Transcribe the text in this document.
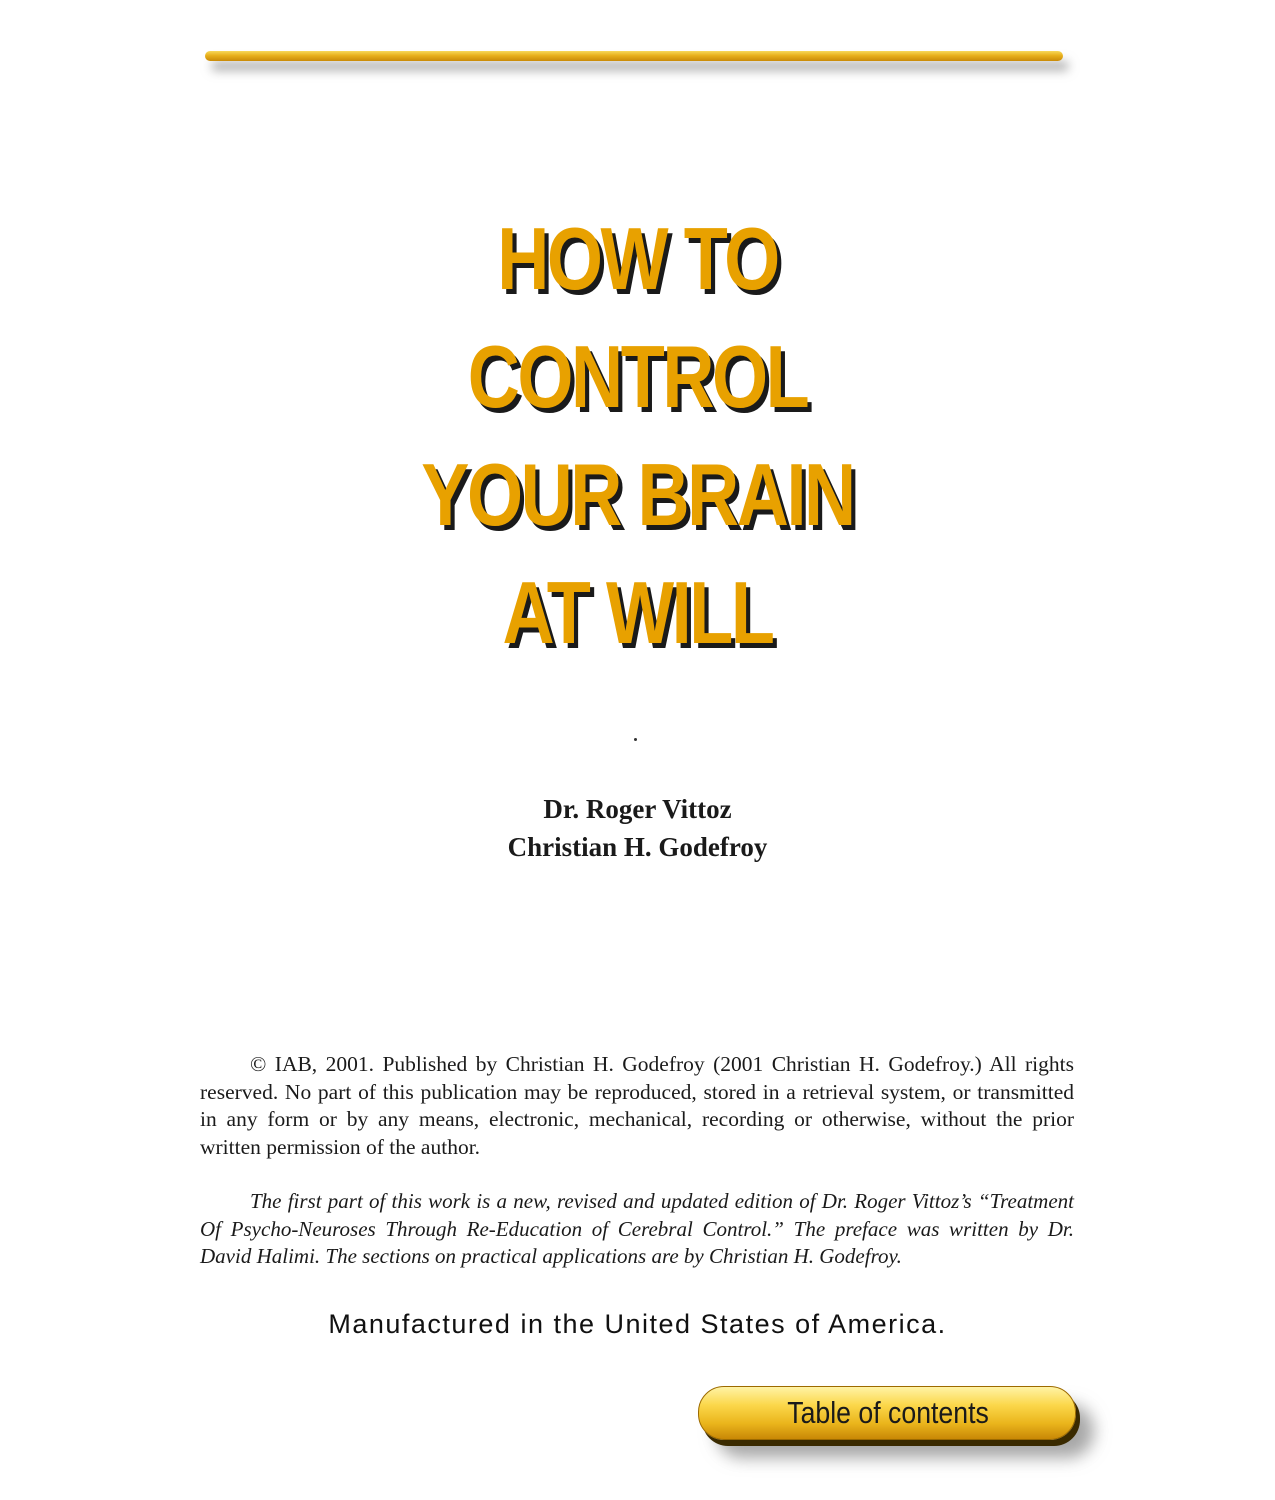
HOW TO
CONTROL
YOUR BRAIN
AT WILL
Dr. Roger Vittoz
Christian H. Godefroy

© IAB, 2001. Published by Christian H. Godefroy (2001 Christian H. Godefroy.) All rights reserved. No part of this publication may be reproduced, stored in a retrieval system, or transmitted in any form or by any means, electronic, mechanical, recording or otherwise, without the prior written permission of the author.

The first part of this work is a new, revised and updated edition of Dr. Roger Vittoz’s “Treatment Of Psycho-Neuroses Through Re-Education of Cerebral Control.” The preface was written by Dr. David Halimi. The sections on practical applications are by Christian H. Godefroy.

Manufactured in the United States of America.
Table of contents
